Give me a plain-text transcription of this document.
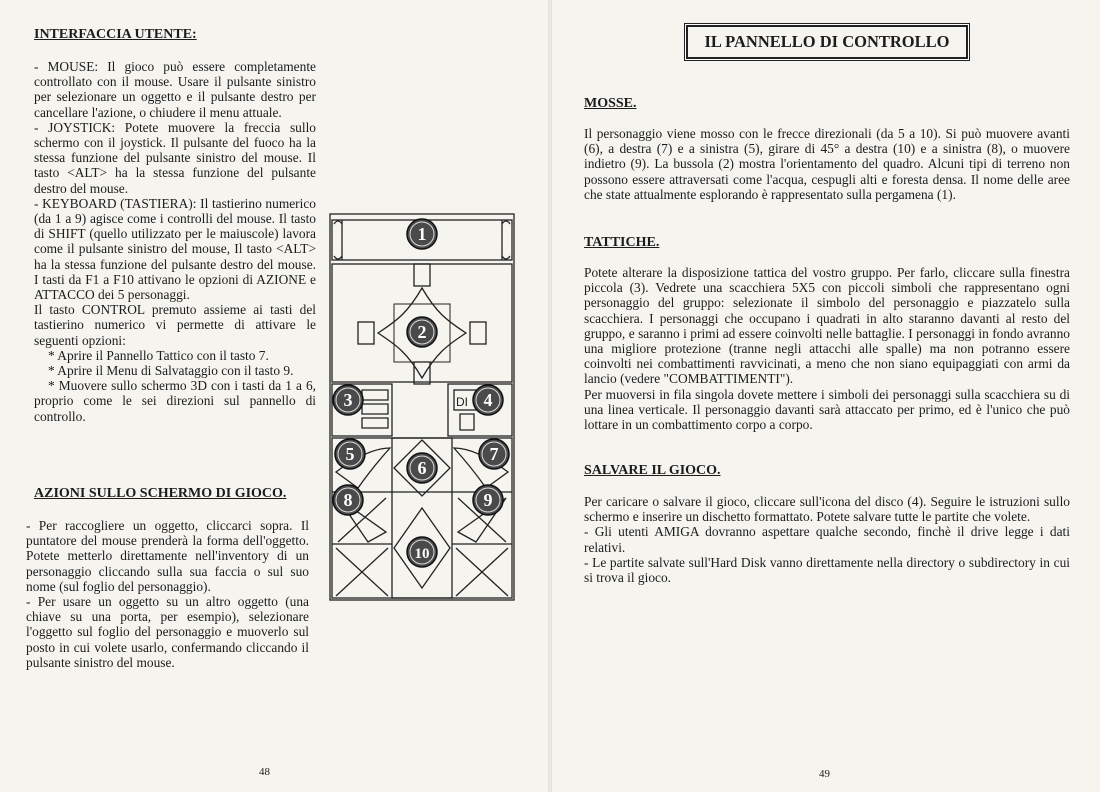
INTERFACCIA UTENTE:

- MOUSE: Il gioco può essere completamente controllato con il mouse. Usare il pulsante sinistro per selezionare un oggetto e il pulsante destro per cancellare l'azione, o chiudere il menu attuale.

- JOYSTICK: Potete muovere la freccia sullo schermo con il joystick. Il pulsante del fuoco ha la stessa funzione del pulsante sinistro del mouse. Il tasto <ALT> ha la stessa funzione del pulsante destro del mouse.

- KEYBOARD (TASTIERA): Il tastierino numerico (da 1 a 9) agisce come i controlli del mouse. Il tasto di SHIFT (quello utilizzato per le maiuscole) lavora come il pulsante sinistro del mouse, Il tasto <ALT> ha la stessa funzione del pulsante destro del mouse. I tasti da F1 a F10 attivano le opzioni di AZIONE e ATTACCO dei 5 personaggi.

Il tasto CONTROL premuto assieme ai tasti del tastierino numerico vi permette di attivare le seguenti opzioni:

* Aprire il Pannello Tattico con il tasto 7.

* Aprire il Menu di Salvataggio con il tasto 9.

* Muovere sullo schermo 3D con i tasti da 1 a 6, proprio come le sei direzioni sul pannello di controllo.

AZIONI SULLO SCHERMO DI GIOCO.

- Per raccogliere un oggetto, cliccarci sopra. Il puntatore del mouse prenderà la forma dell'oggetto. Potete metterlo direttamente nell'inventory di un personaggio cliccando sulla sua faccia o sul suo nome (sul foglio del personaggio).

- Per usare un oggetto su un altro oggetto (una chiave su una porta, per esempio), selezionare l'oggetto sul foglio del personaggio e muoverlo sul posto in cui volete usarlo, confermando cliccando il pulsante sinistro del mouse.

48
DI
1
2
3	4
5
6
7
8	9
10
IL PANNELLO DI CONTROLLO

MOSSE.

Il personaggio viene mosso con le frecce direzionali (da 5 a 10). Si può muovere avanti (6), a destra (7) e a sinistra (5), girare di 45° a destra (10) e a sinistra (8), o muovere indietro (9). La bussola (2) mostra l'orientamento del quadro. Alcuni tipi di terreno non possono essere attraversati come l'acqua, cespugli alti e foresta densa. Il nome delle aree che state attualmente esplorando è rappresentato sulla pergamena (1).

TATTICHE.

Potete alterare la disposizione tattica del vostro gruppo. Per farlo, cliccare sulla finestra piccola (3). Vedrete una scacchiera 5X5 con piccoli simboli che rappresentano ogni personaggio del gruppo: selezionate il simbolo del personaggio e piazzatelo sulla scacchiera. I personaggi che occupano i quadrati in alto staranno davanti al resto del gruppo, e saranno i primi ad essere coinvolti nelle battaglie. I personaggi in fondo avranno una migliore protezione (tranne negli attacchi alle spalle) ma non potranno essere coinvolti nei combattimenti ravvicinati, a meno che non siano equipaggiati con armi da lancio (vedere "COMBATTIMENTI").

Per muoversi in fila singola dovete mettere i simboli dei personaggi sulla scacchiera su di una linea verticale. Il personaggio davanti sarà attaccato per primo, ed è l'unico che può lottare in un combattimento corpo a corpo.

SALVARE IL GIOCO.

Per caricare o salvare il gioco, cliccare sull'icona del disco (4). Seguire le istruzioni sullo schermo e inserire un dischetto formattato. Potete salvare tutte le partite che volete.

- Gli utenti AMIGA dovranno aspettare qualche secondo, finchè il drive legge i dati relativi.

- Le partite salvate sull'Hard Disk vanno direttamente nella directory o subdirectory in cui si trova il gioco.

49
